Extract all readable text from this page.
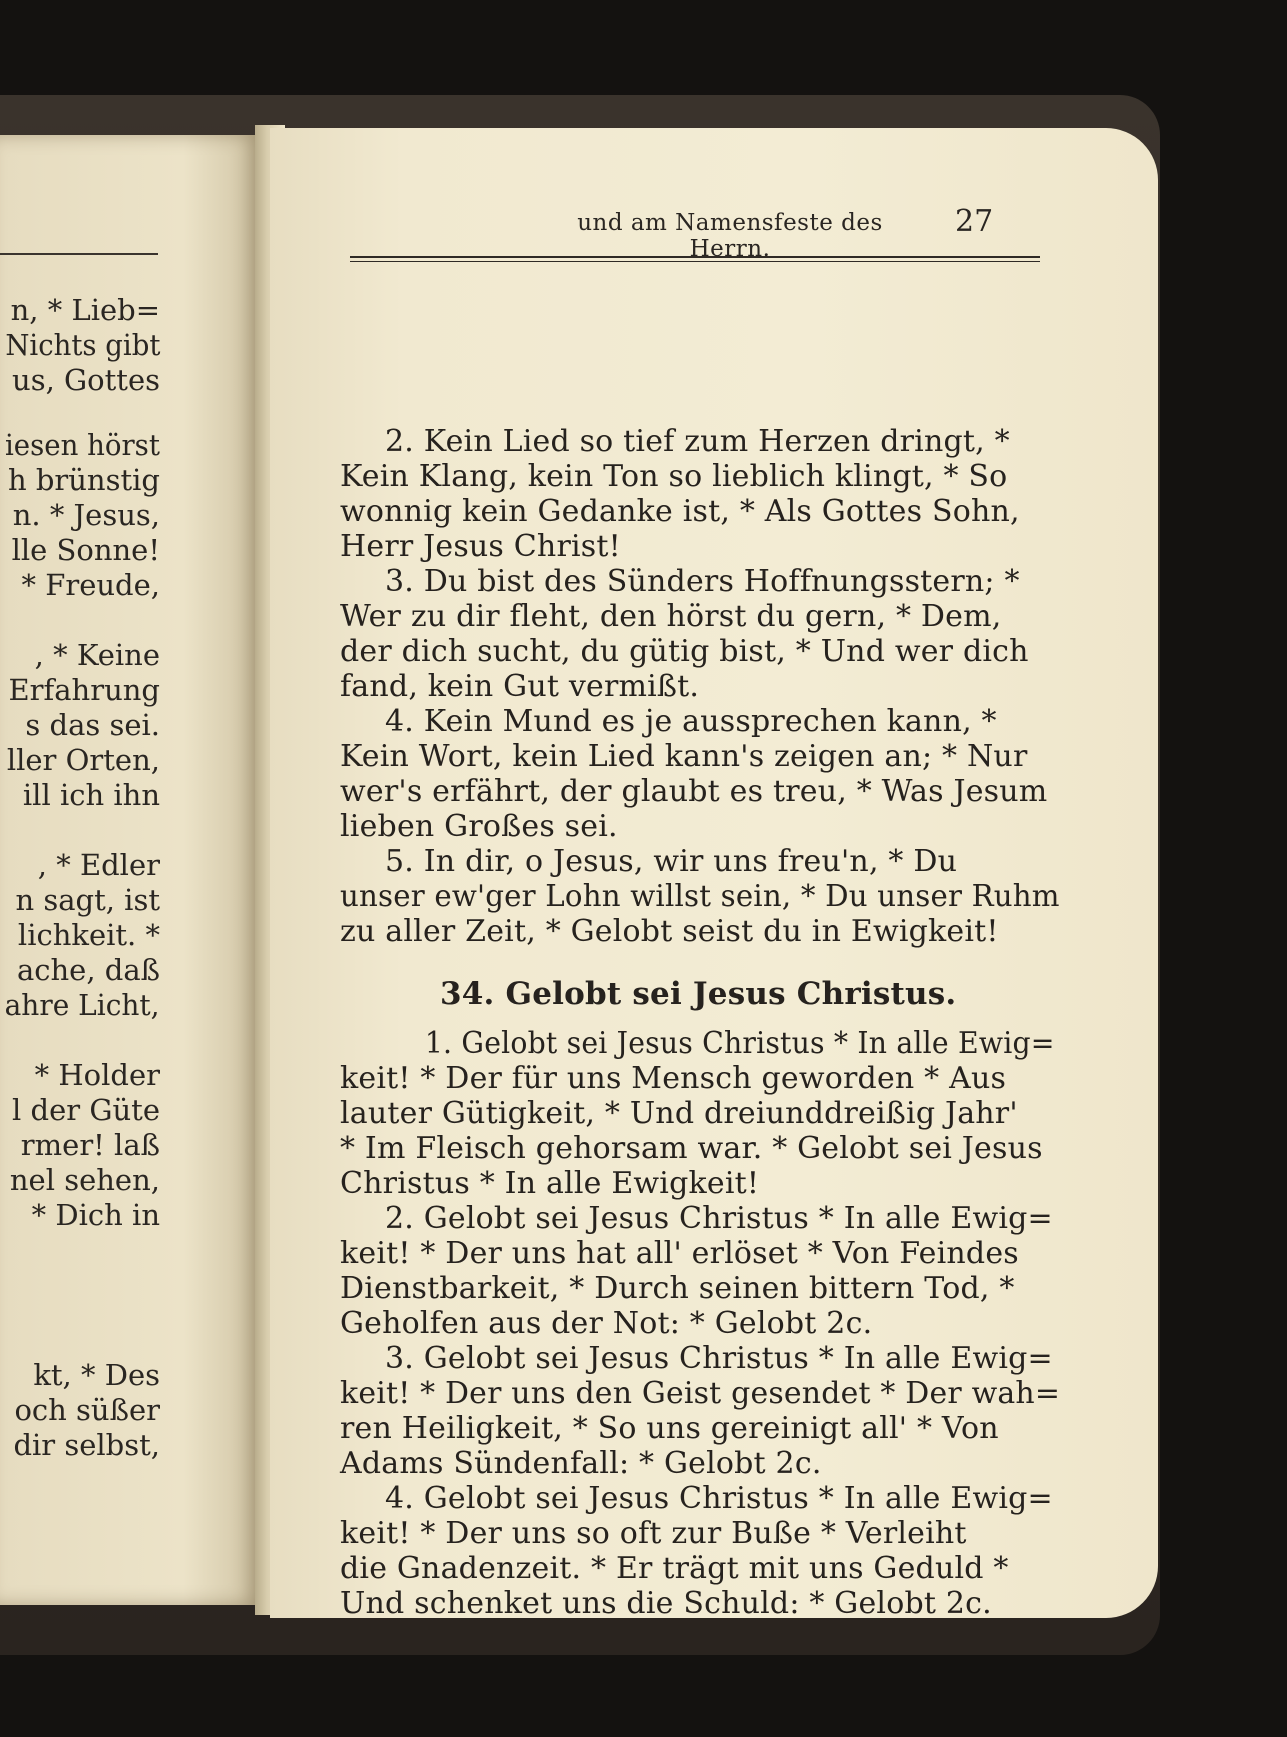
n, * Lieb=
Nichts gibt
us, Gottes
iesen hörst
h brünstig
n. * Jesus,
lle Sonne!
* Freude,
, * Keine
Erfahrung
s das sei.
ller Orten,
ill ich ihn
, * Edler
n sagt, ist
lichkeit. *
ache, daß
ahre Licht,
* Holder
l der Güte
rmer! laß
nel sehen,
* Dich in
kt, * Des
och süßer
dir selbst,
und am Namensfeste des Herrn.
27
2. Kein Lied so tief zum Herzen dringt, *
Kein Klang, kein Ton so lieblich klingt, * So
wonnig kein Gedanke ist, * Als Gottes Sohn,
Herr Jesus Christ!
3. Du bist des Sünders Hoffnungsstern; *
Wer zu dir fleht, den hörst du gern, * Dem,
der dich sucht, du gütig bist, * Und wer dich
fand, kein Gut vermißt.
4. Kein Mund es je aussprechen kann, *
Kein Wort, kein Lied kann's zeigen an; * Nur
wer's erfährt, der glaubt es treu, * Was Jesum
lieben Großes sei.
5. In dir, o Jesus, wir uns freu'n, * Du
unser ew'ger Lohn willst sein, * Du unser Ruhm
zu aller Zeit, * Gelobt seist du in Ewigkeit!
34. Gelobt sei Jesus Christus.
1. Gelobt sei Jesus Christus * In alle Ewig=
keit! * Der für uns Mensch geworden * Aus
lauter Gütigkeit, * Und dreiunddreißig Jahr'
* Im Fleisch gehorsam war. * Gelobt sei Jesus
Christus * In alle Ewigkeit!
2. Gelobt sei Jesus Christus * In alle Ewig=
keit! * Der uns hat all' erlöset * Von Feindes
Dienstbarkeit, * Durch seinen bittern Tod, *
Geholfen aus der Not: * Gelobt 2c.
3. Gelobt sei Jesus Christus * In alle Ewig=
keit! * Der uns den Geist gesendet * Der wah=
ren Heiligkeit, * So uns gereinigt all' * Von
Adams Sündenfall: * Gelobt 2c.
4. Gelobt sei Jesus Christus * In alle Ewig=
keit! * Der uns so oft zur Buße * Verleiht
die Gnadenzeit. * Er trägt mit uns Geduld *
Und schenket uns die Schuld: * Gelobt 2c.
